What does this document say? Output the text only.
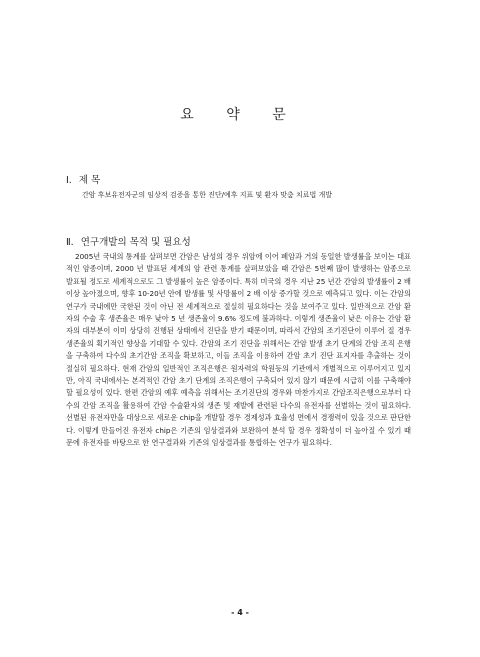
요 약 문
Ⅰ. 제 목
간암 후보유전자군의 임상적 검증을 통한 진단/예후 지표 및 환자 맞춤 치료법 개발
Ⅱ. 연구개발의 목적 및 필요성

2005년 국내의 통계를 살펴보면 간암은 남성의 경우 위암에 이어 폐암과 거의 동일한 발생률을 보이는 대표적인 암종이며, 2000 년 발표된 세계의 암 관련 통계를 살펴보았을 때 간암은 5번째 많이 발생하는 암종으로 발표될 정도로 세계적으로도 그 발생률이 높은 암종이다. 특히 미국의 경우 지난 25 년간 간암의 발생률이 2 배 이상 높아졌으며, 향후 10-20년 안에 발생률 및 사망률이 2 배 이상 증가할 것으로 예측되고 있다. 이는 간암의 연구가 국내에만 국한된 것이 아닌 전 세계적으로 절실히 필요하다는 것을 보여주고 있다. 일반적으로 간암 환자의 수술 후 생존율은 매우 낮아 5 년 생존율이 9.6% 정도에 불과하다. 이렇게 생존율이 낮은 이유는 간암 환자의 대부분이 이미 상당히 진행된 상태에서 진단을 받기 때문이며, 따라서 간암의 조기진단이 이루어 질 경우 생존율의 획기적인 향상을 기대할 수 있다. 간암의 조기 진단을 위해서는 간암 발생 초기 단계의 간암 조직 은행을 구축하여 다수의 초기간암 조직을 확보하고, 이들 조직을 이용하여 간암 초기 진단 표지자를 추출하는 것이 절실히 필요하다. 현재 간암의 일반적인 조직은행은 원자력의 학원등의 기관에서 개별적으로 이루어지고 있지만, 아직 국내에서는 본격적인 간암 초기 단계의 조직은행이 구축되어 있지 않기 때문에 시급히 이를 구축해야할 필요성이 있다. 한편 간암의 예후 예측을 위해서는 조기진단의 경우와 마찬가지로 간암조직은행으로부터 다수의 간암 조직을 활용하여 간암 수술환자의 생존 및 재발에 관련된 다수의 유전자를 선별하는 것이 필요하다. 선별된 유전자만을 대상으로 새로운 chip을 개발할 경우 경제성과 효율성 면에서 경쟁력이 있을 것으로 판단한다. 이렇게 만들어진 유전자 chip은 기존의 임상결과와 보완하여 분석 할 경우 정확성이 더 높아질 수 있기 때문에 유전자를 바탕으로 한 연구결과와 기존의 임상결과를 통합하는 연구가 필요하다.

- 4 -
